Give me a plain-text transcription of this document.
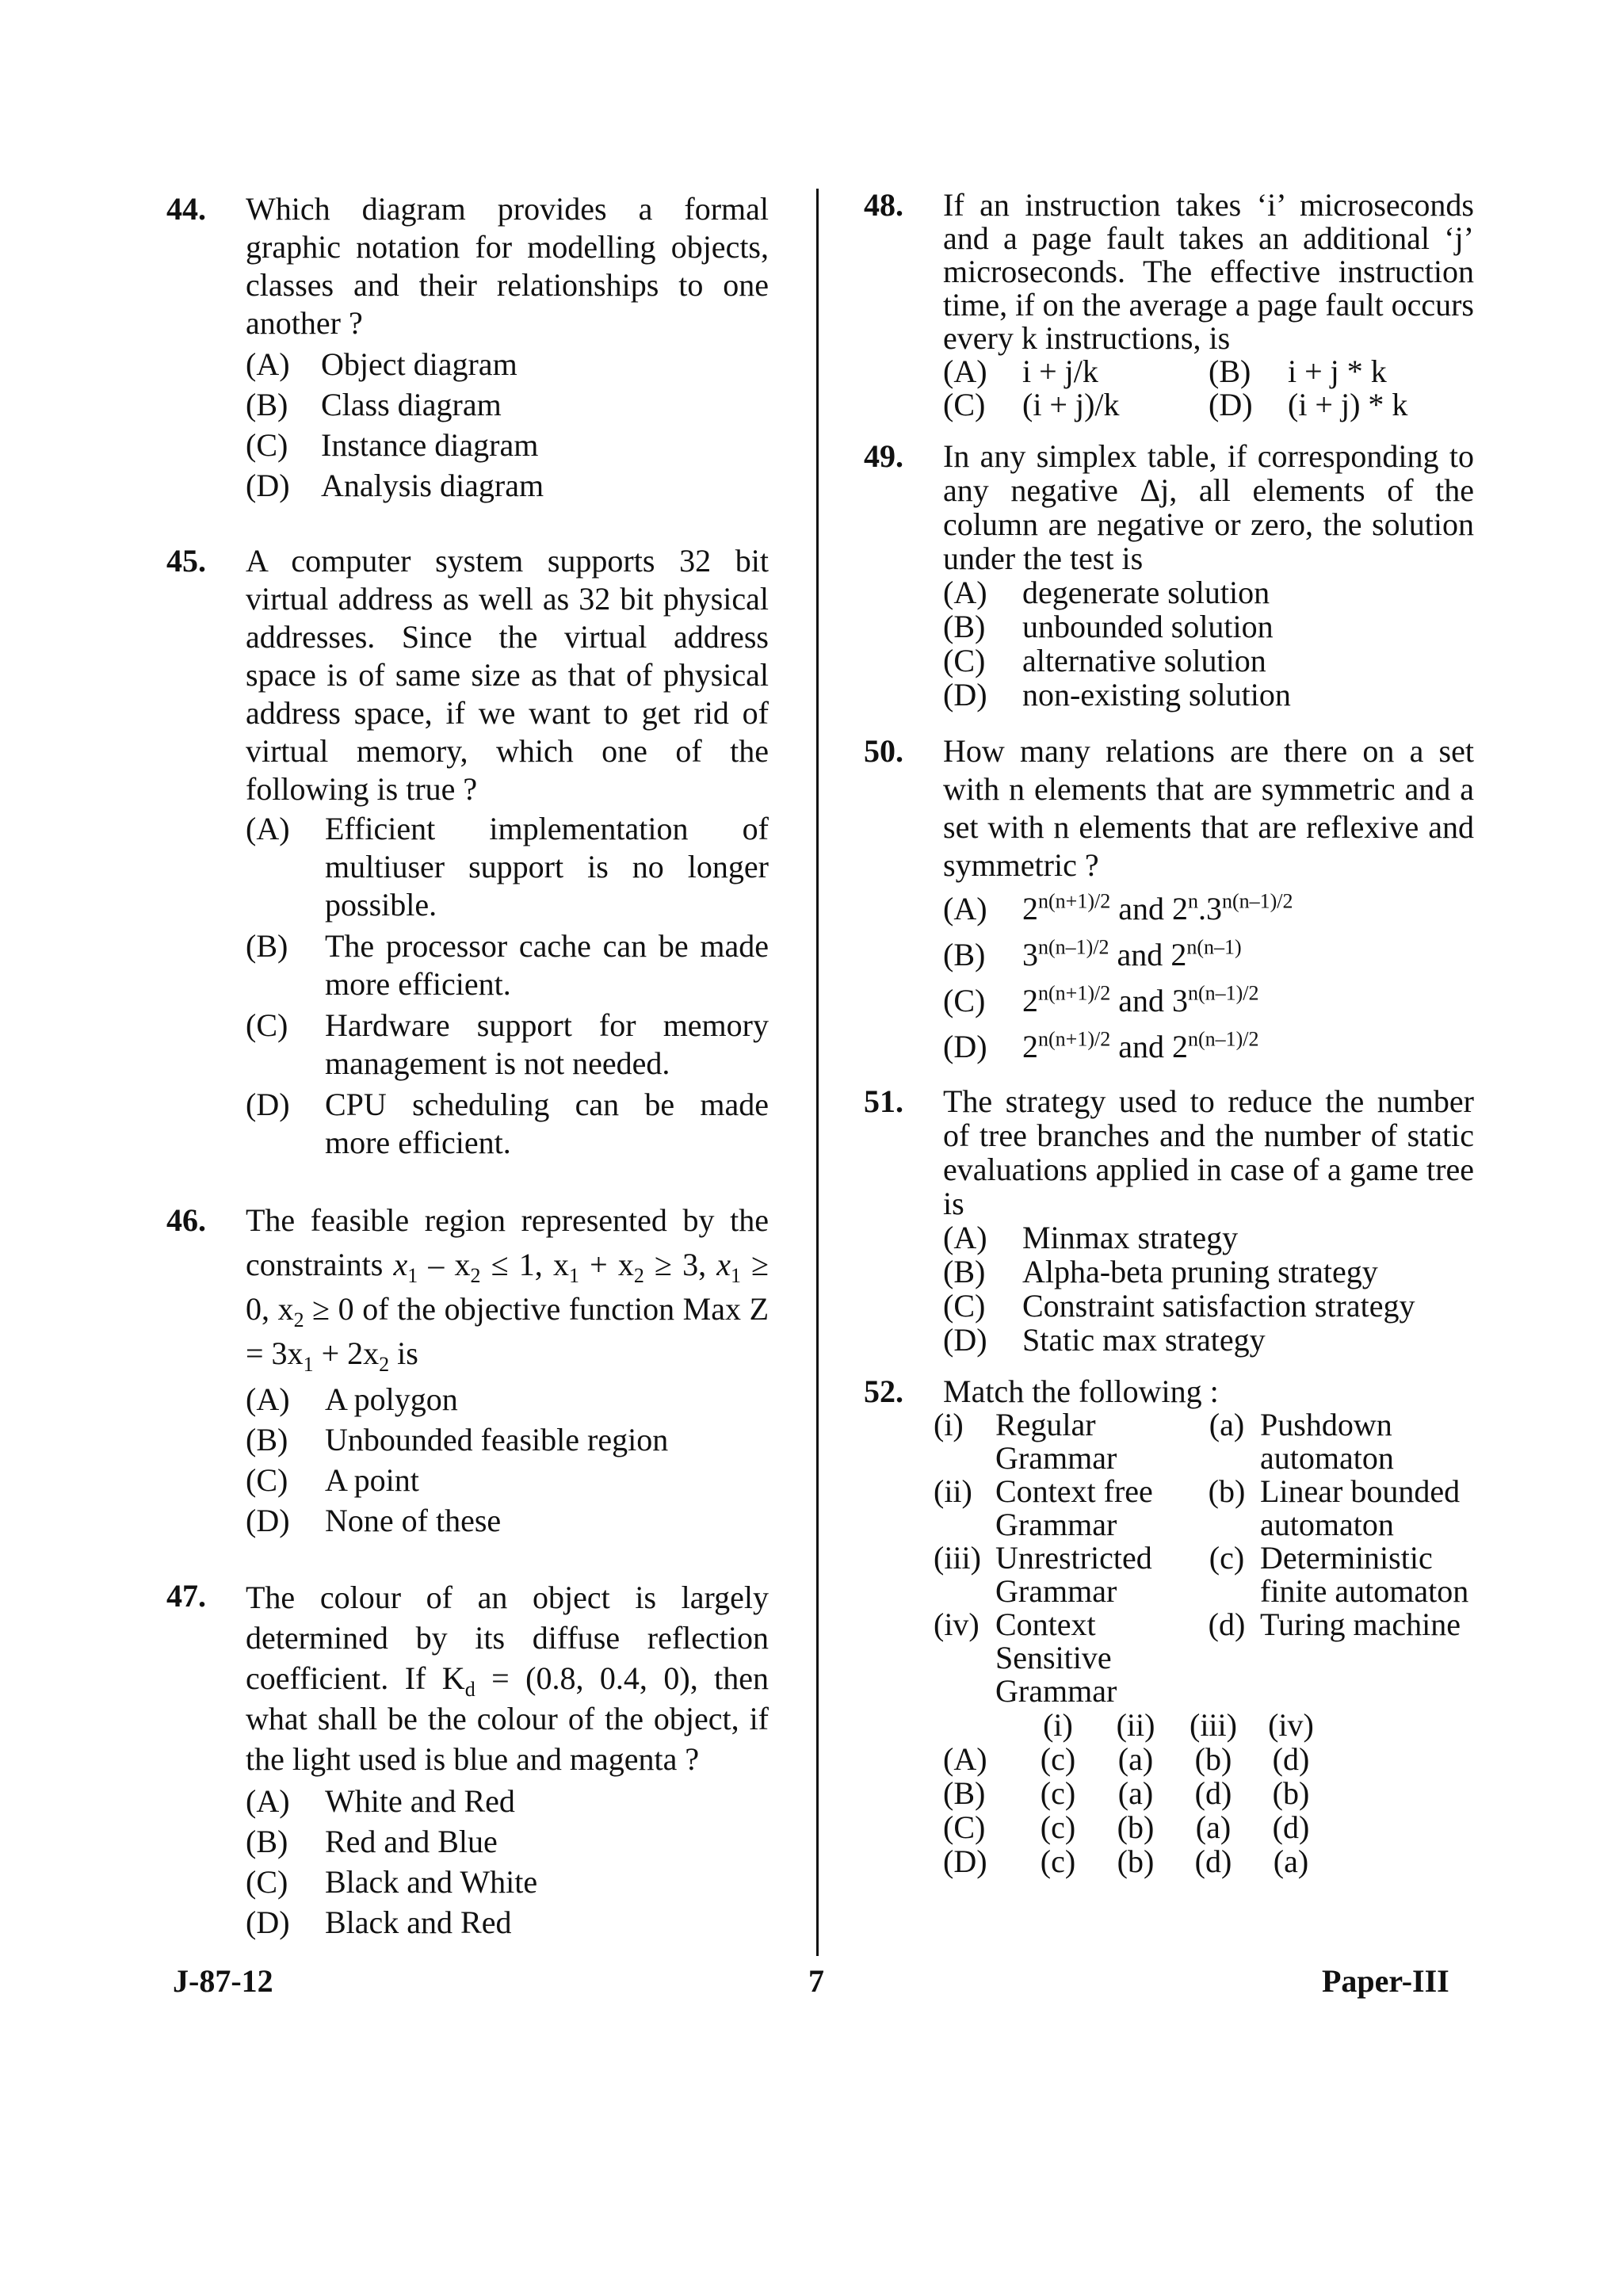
44. Which diagram provides a formal graphic notation for modelling objects, classes and their relationships to one another ?
(A) Object diagram
(B) Class diagram
(C) Instance diagram
(D) Analysis diagram
45. A computer system supports 32 bit virtual address as well as 32 bit physical addresses. Since the virtual address space is of same size as that of physical address space, if we want to get rid of virtual memory, which one of the following is true ?
(A) Efficient implementation of multiuser support is no longer possible.
(B) The processor cache can be made more efficient.
(C) Hardware support for memory management is not needed.
(D) CPU scheduling can be made more efficient.
46. The feasible region represented by the constraints $x_1 - x_2 \le 1$, $x_1 + x_2 \ge 3$, $x_1 \ge 0$, $x_2 \ge 0$ of the objective function Max $Z = 3x_1 + 2x_2$ is
(A) A polygon
(B) Unbounded feasible region
(C) A point
(D) None of these
47. The colour of an object is largely determined by its diffuse reflection coefficient. If $K_d = (0.8$, 0.4, 0), then what shall be the colour of the object, if the light used is blue and magenta ?
(A) White and Red
(B) Red and Blue
(C) Black and White
(D) Black and Red
48. If an instruction takes ‘i’ microseconds and a page fault takes an additional ‘j’ microseconds. The effective instruction time, if on the average a page fault occurs every k instructions, is
(A) i + j/k	(B) i + j * k
(C) (i + j)/k	(D) (i + j) * k
49. In any simplex table, if corresponding to any negative Δj, all elements of the column are negative or zero, the solution under the test is
(A) degenerate solution
(B) unbounded solution
(C) alternative solution
(D) non-existing solution
50. How many relations are there on a set with n elements that are symmetric and a set with n elements that are reflexive and symmetric ?
(A) $2^{n(n+1)/2}$ and $2^n.3^{n(n-1)/2}$
(B) $3^{n(n-1)/2}$ and $2^{n(n-1)}$
(C) $2^{n(n+1)/2}$ and $3^{n(n-1)/2}$
(D) $2^{n(n+1)/2}$ and $2^{n(n-1)/2}$
51. The strategy used to reduce the number of tree branches and the number of static evaluations applied in case of a game tree is
(A) Minmax strategy
(B) Alpha-beta pruning strategy
(C) Constraint satisfaction strategy
(D) Static max strategy
52. Match the following :
(i)	Regular Grammar	(a)	Pushdown automaton
(ii)	Context free Grammar	(b)	Linear bounded automaton
(iii)	Unrestricted Grammar	(c)	Deterministic finite automaton
(iv)	Context Sensitive Grammar	(d)	Turing machine
	(i)	(ii)	(iii)	(iv)
(A)	(c)	(a)	(b)	(d)
(B)	(c)	(a)	(d)	(b)
(C)	(c)	(b)	(a)	(d)
(D)	(c)	(b)	(d)	(a)
J-87-12	7	Paper-III
